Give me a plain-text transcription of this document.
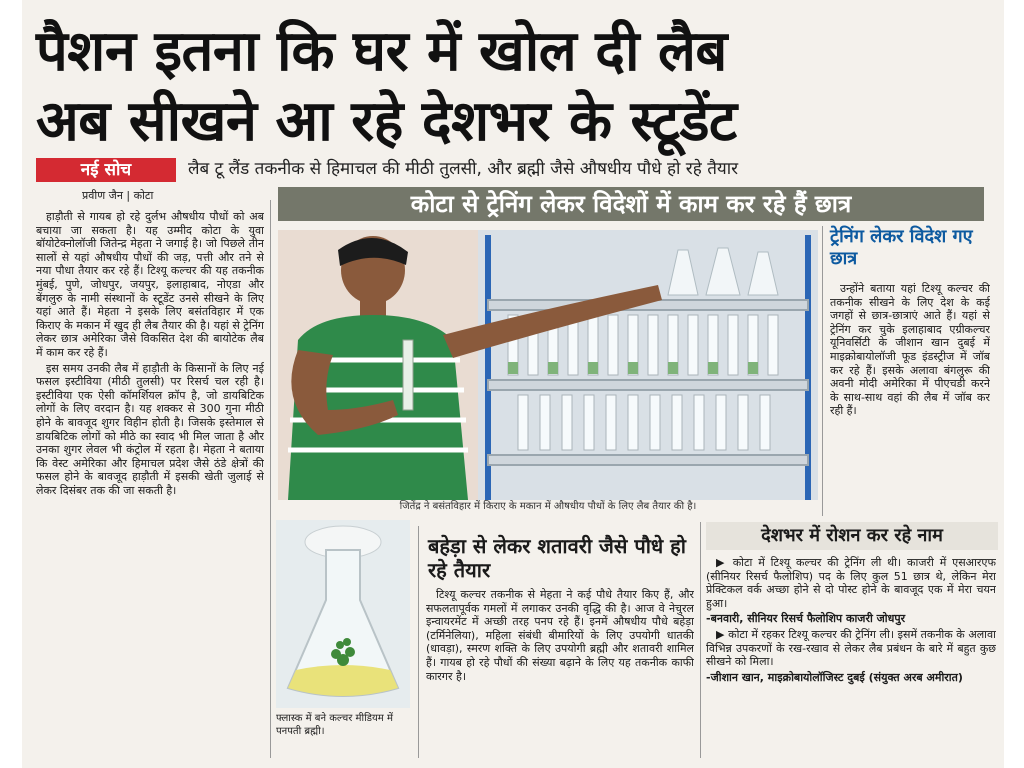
पैशन इतना कि घर में खोल दी लैब
अब सीखने आ रहे देशभर के स्टूडेंट
नई सोच	लैब टू लैंड तकनीक से हिमाचल की मीठी तुलसी, और ब्रह्मी जैसे औषधीय पौधे हो रहे तैयार
प्रवीण जैन | कोटा	कोटा से ट्रेनिंग लेकर विदेशों में काम कर रहे हैं छात्र

हाड़ौती से गायब हो रहे दुर्लभ औषधीय पौधों को अब बचाया जा सकता है। यह उम्मीद कोटा के युवा बॉयोटेक्नोलॉजी जितेन्द्र मेहता ने जगाई है। जो पिछले तीन सालों से यहां औषधीय पौधों की जड़, पत्ती और तने से नया पौधा तैयार कर रहे हैं। टिश्यू कल्चर की यह तकनीक मुंबई, पुणे, जोधपुर, जयपुर, इलाहाबाद, नोएडा और बेंगलुरु के नामी संस्थानों के स्टूडेंट उनसे सीखने के लिए यहां आते हैं। मेहता ने इसके लिए बसंतविहार में एक किराए के मकान में खुद ही लैब तैयार की है। यहां से ट्रेनिंग लेकर छात्र अमेरिका जैसे विकसित देश की बायोटेक लैब में काम कर रहे हैं।

इस समय उनकी लैब में हाड़ौती के किसानों के लिए नई फसल इस्टीविया (मीठी तुलसी) पर रिसर्च चल रही है। इस्टीविया एक ऐसी कॉमर्शियल क्रॉप है, जो डायबिटिक लोगों के लिए वरदान है। यह शक्कर से 300 गुना मीठी होने के बावजूद शुगर विहीन होती है। जिसके इस्तेमाल से डायबिटिक लोगों को मीठे का स्वाद भी मिल जाता है और उनका शुगर लेवल भी कंट्रोल में रहता है। मेहता ने बताया कि वेस्ट अमेरिका और हिमाचल प्रदेश जैसे ठंडे क्षेत्रों की फसल होने के बावजूद हाड़ौती में इसकी खेती जुलाई से लेकर दिसंबर तक की जा सकती है।

जितेंद्र ने बसंतविहार में किराए के मकान में औषधीय पौधों के लिए लैब तैयार की है।
ट्रेनिंग लेकर विदेश गए छात्र

उन्होंने बताया यहां टिश्यू कल्चर की तकनीक सीखने के लिए देश के कई जगहों से छात्र-छात्राएं आते हैं। यहां से ट्रेनिंग कर चुके इलाहाबाद एग्रीकल्चर यूनिवर्सिटी के जीशान खान दुबई में माइक्रोबायोलॉजी फूड इंडस्ट्रीज में जॉब कर रहे हैं। इसके अलावा बंगलुरू की अवनी मोदी अमेरिका में पीएचडी करने के साथ-साथ वहां की लैब में जॉब कर रही हैं।

फ्लास्क में बने कल्चर मीडियम में पनपती ब्रह्मी।
बहेड़ा से लेकर शतावरी जैसे पौधे हो रहे तैयार

टिश्यू कल्चर तकनीक से मेहता ने कई पौधे तैयार किए हैं, और सफलतापूर्वक गमलों में लगाकर उनकी वृद्धि की है। आज वे नेचुरल इन्वायरमेंट में अच्छी तरह पनप रहे हैं। इनमें औषधीय पौधे बहेड़ा (टर्मिनेलिया), महिला संबंधी बीमारियों के लिए उपयोगी धातकी (धावड़ा), स्मरण शक्ति के लिए उपयोगी ब्रह्मी और शतावरी शामिल हैं। गायब हो रहे पौधों की संख्या बढ़ाने के लिए यह तकनीक काफी कारगर है।

देशभर में रोशन कर रहे नाम

▶ कोटा में टिश्यू कल्चर की ट्रेनिंग ली थी। काजरी में एसआरएफ (सीनियर रिसर्च फैलोशिप) पद के लिए कुल 51 छात्र थे, लेकिन मेरा प्रेक्टिकल वर्क अच्छा होने से दो पोस्ट होने के बावजूद एक में मेरा चयन हुआ।

-बनवारी, सीनियर रिसर्च फैलोशिप काजरी जोधपुर

▶ कोटा में रहकर टिश्यू कल्चर की ट्रेनिंग ली। इसमें तकनीक के अलावा विभिन्न उपकरणों के रख-रखाव से लेकर लैब प्रबंधन के बारे में बहुत कुछ सीखने को मिला।

-जीशान खान, माइक्रोबायोलॉजिस्ट दुबई (संयुक्त अरब अमीरात)
